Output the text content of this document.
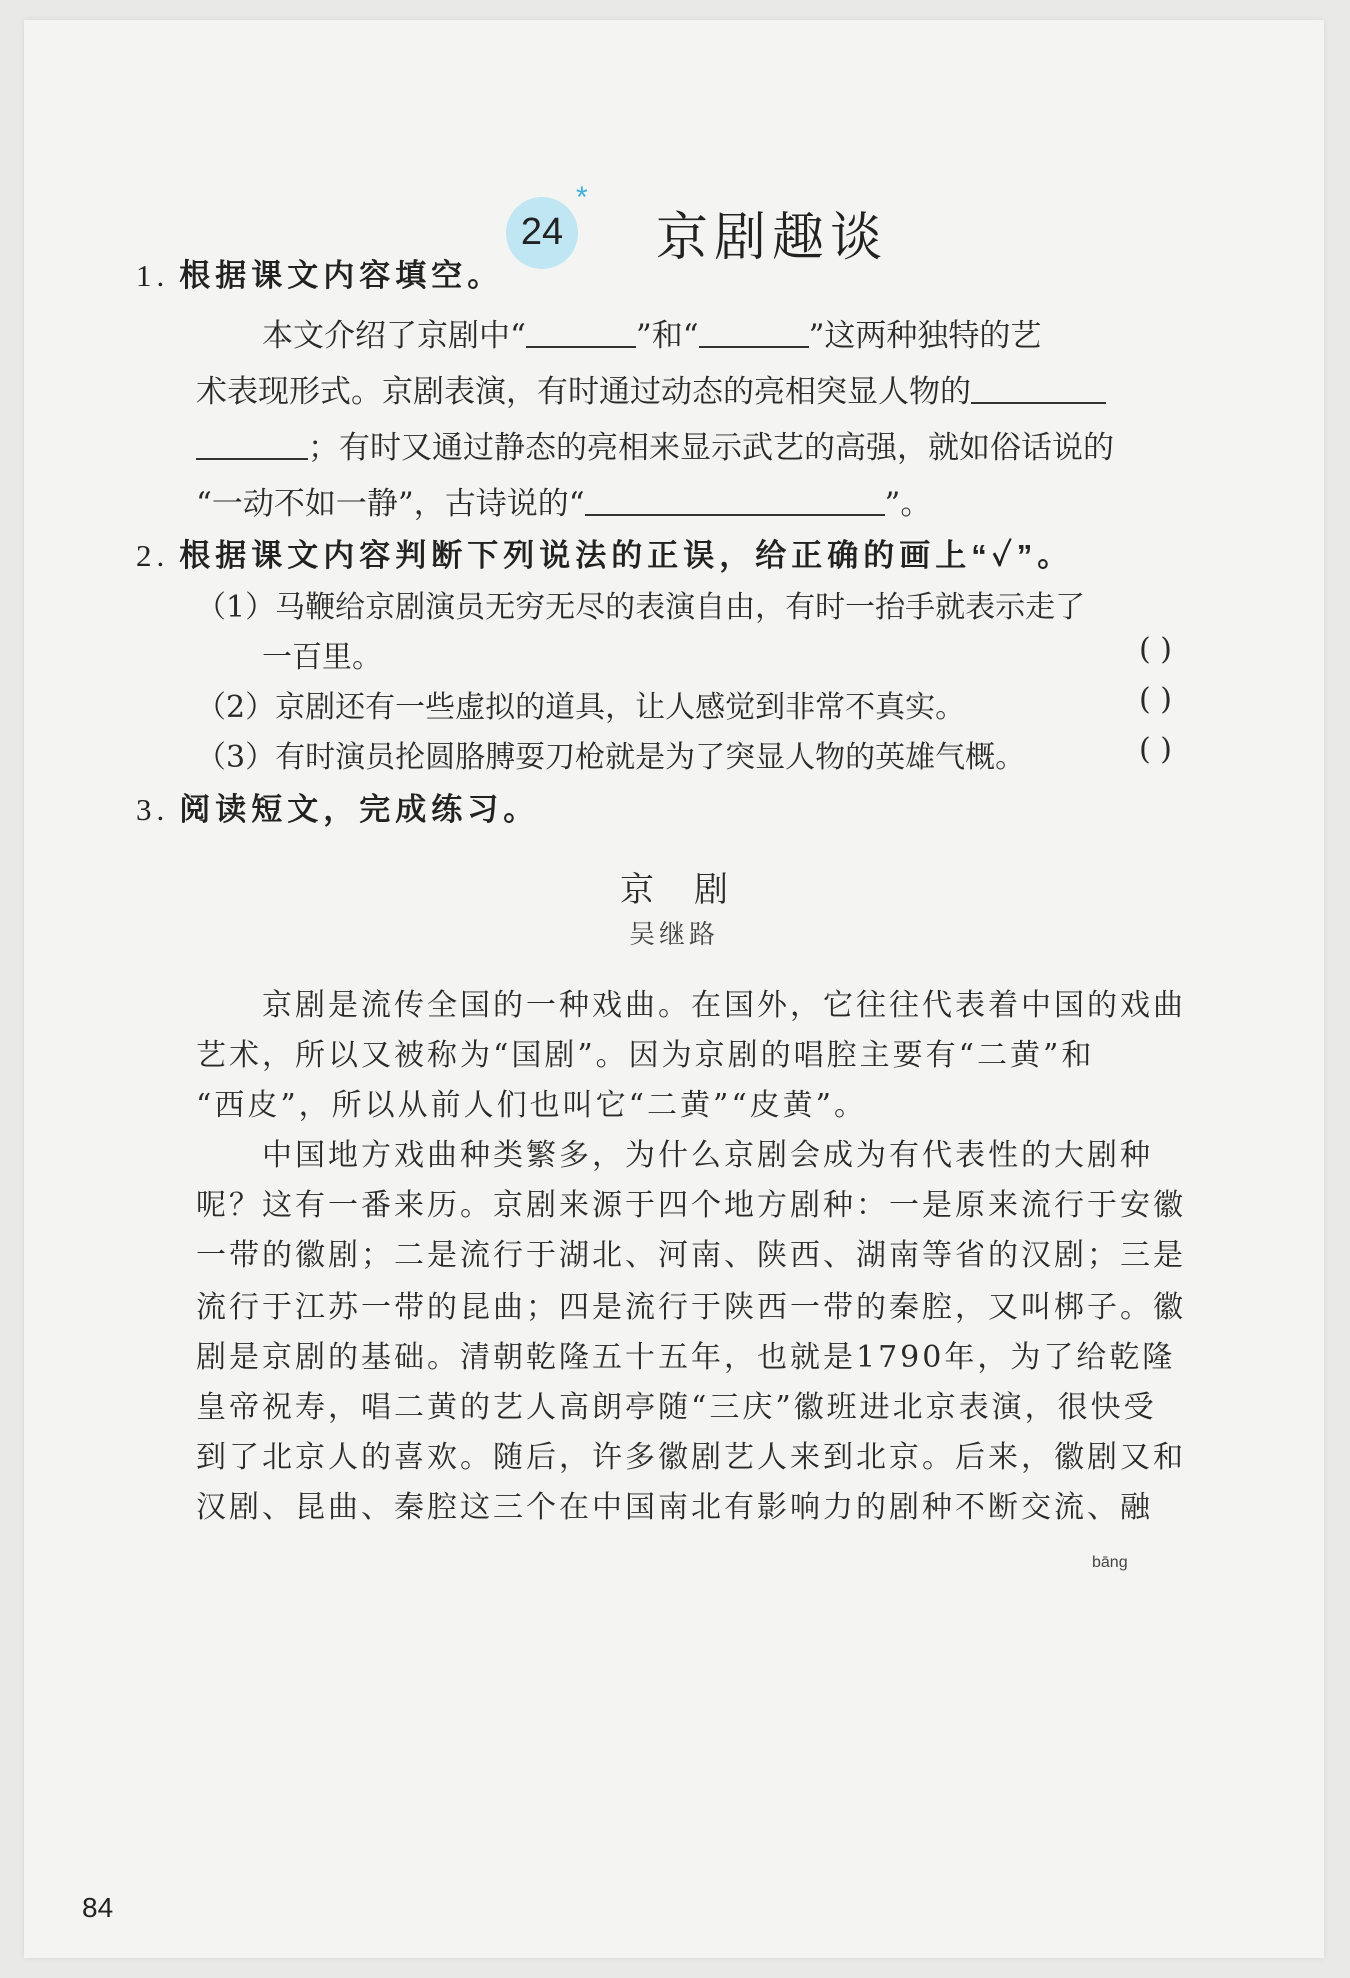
24
*
京剧趣谈
1. 根据课文内容填空。
本文介绍了京剧中“	”和“	”这两种独特的艺
术表现形式。京剧表演，有时通过动态的亮相突显人物的
；有时又通过静态的亮相来显示武艺的高强，就如俗话说的
“一动不如一静”，古诗说的“	”。
2. 根据课文内容判断下列说法的正误，给正确的画上“✓”。
（1）马鞭给京剧演员无穷无尽的表演自由，有时一抬手就表示走了
一百里。	( )
（2）京剧还有一些虚拟的道具，让人感觉到非常不真实。	( )
（3）有时演员抡圆胳膊耍刀枪就是为了突显人物的英雄气概。	( )
3. 阅读短文，完成练习。
京剧
吴继路
京剧是流传全国的一种戏曲。在国外，它往往代表着中国的戏曲
艺术，所以又被称为“国剧”。因为京剧的唱腔主要有“二黄”和
“西皮”，所以从前人们也叫它“二黄”“皮黄”。
中国地方戏曲种类繁多，为什么京剧会成为有代表性的大剧种
呢？这有一番来历。京剧来源于四个地方剧种：一是原来流行于安徽
一带的徽剧；二是流行于湖北、河南、陕西、湖南等省的汉剧；三是
bāng
流行于江苏一带的昆曲；四是流行于陕西一带的秦腔，又叫梆子。徽
剧是京剧的基础。清朝乾隆五十五年，也就是1790年，为了给乾隆
皇帝祝寿，唱二黄的艺人高朗亭随“三庆”徽班进北京表演，很快受
到了北京人的喜欢。随后，许多徽剧艺人来到北京。后来，徽剧又和
汉剧、昆曲、秦腔这三个在中国南北有影响力的剧种不断交流、融
84
